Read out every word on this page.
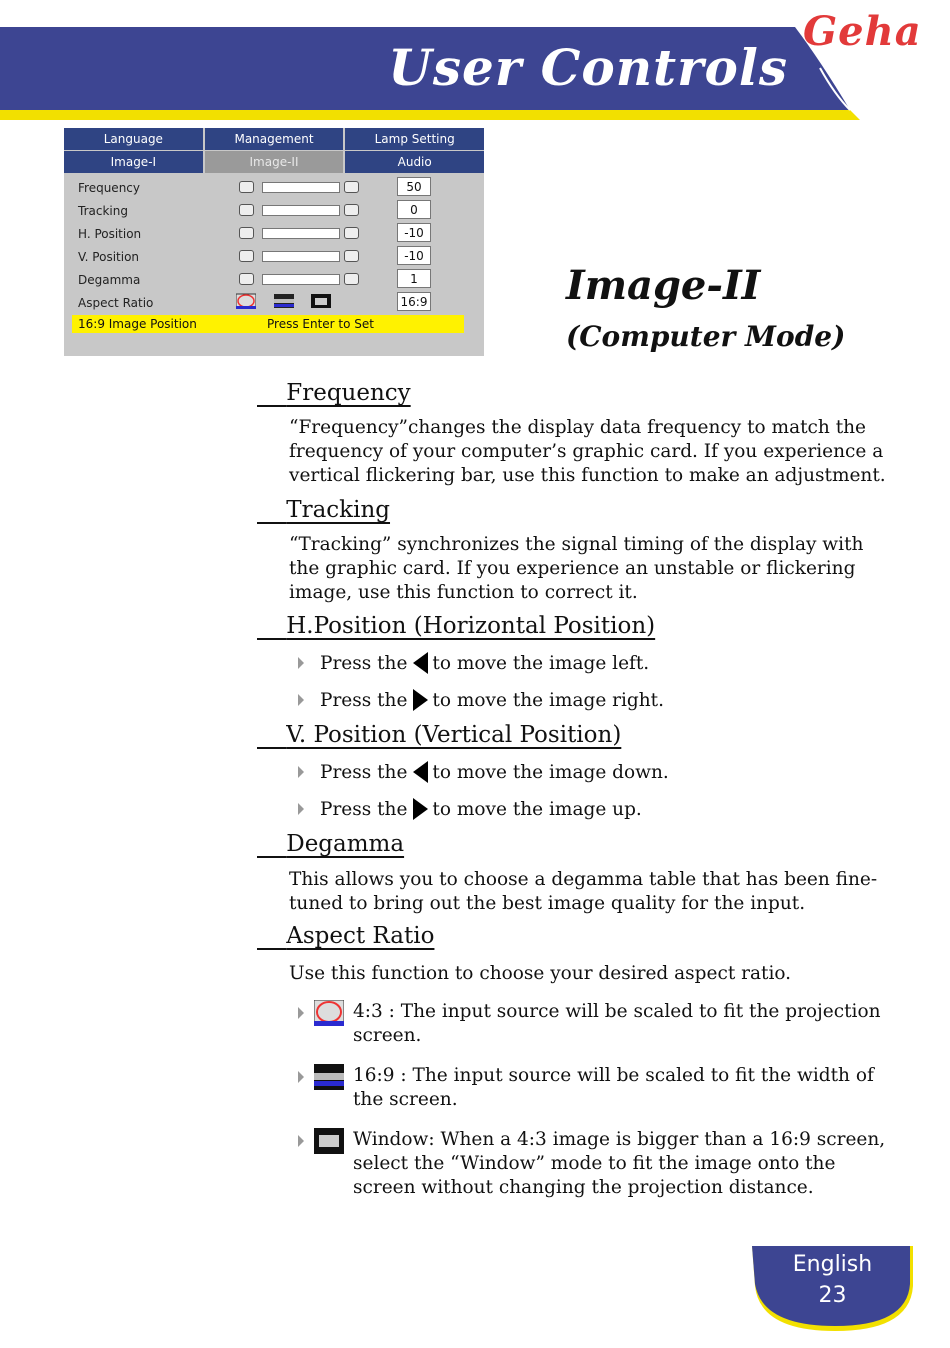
User Controls
Geha
Language	Management	Lamp Setting
Image-I	Image-II	Audio
Frequency	50
Tracking	0
H. Position	-10
V. Position	-10
Degamma	1
Aspect Ratio	16:9
16:9 Image Position	Press Enter to Set
Image-II
(Computer Mode)
Frequency
“Frequency”changes the display data frequency to match the frequency of your computer’s graphic card. If you experience a vertical flickering bar, use this function to make an adjustment.
Tracking
“Tracking” synchronizes the signal timing of the display with the graphic card. If you experience an unstable or flickering image, use this function to correct it.
H.Position (Horizontal Position)
Press the to move the image left.
Press the to move the image right.
V. Position (Vertical Position)
Press the to move the image down.
Press the to move the image up.
Degamma
This allows you to choose a degamma table that has been fine-tuned to bring out the best image quality for the input.
Aspect Ratio
Use this function to choose your desired aspect ratio.
4:3 : The input source will be scaled to fit the projection screen.
16:9 : The input source will be scaled to fit the width of the screen.
Window: When a 4:3 image is bigger than a 16:9 screen, select the “Window” mode to fit the image onto the screen without changing the projection distance.
English
23
